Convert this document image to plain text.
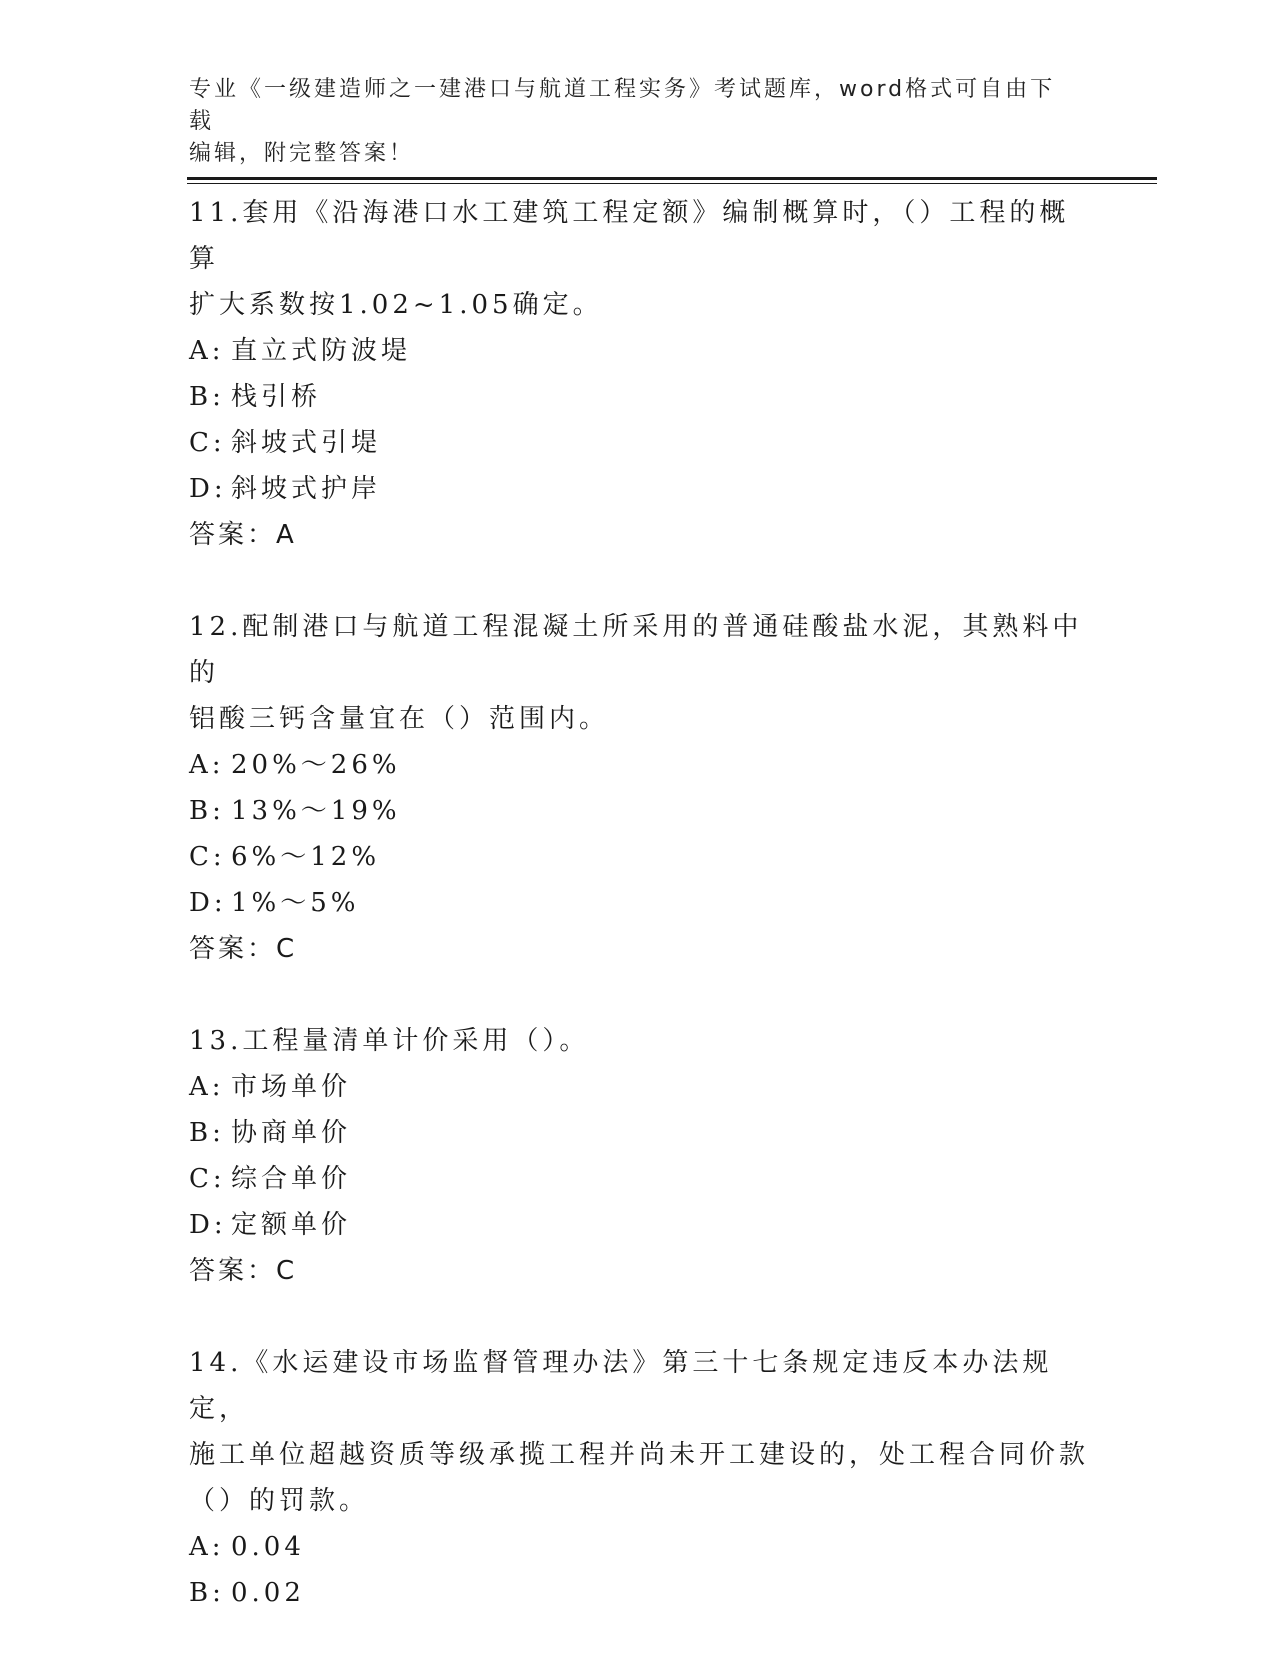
专业《一级建造师之一建港口与航道工程实务》考试题库，word格式可自由下载
编辑，附完整答案！

11.套用《沿海港口水工建筑工程定额》编制概算时，（）工程的概算

扩大系数按1.02~1.05确定。

A: 直立式防波堤

B: 栈引桥

C: 斜坡式引堤

D: 斜坡式护岸

答案：A

12.配制港口与航道工程混凝土所采用的普通硅酸盐水泥，其熟料中的

铝酸三钙含量宜在（）范围内。

A: 20%～26%

B: 13%～19%

C: 6%～12%

D: 1%～5%

答案：C

13.工程量清单计价采用（）。

A: 市场单价

B: 协商单价

C: 综合单价

D: 定额单价

答案：C

14.《水运建设市场监督管理办法》第三十七条规定违反本办法规定，

施工单位超越资质等级承揽工程并尚未开工建设的，处工程合同价款

（）的罚款。

A: 0.04

B: 0.02
